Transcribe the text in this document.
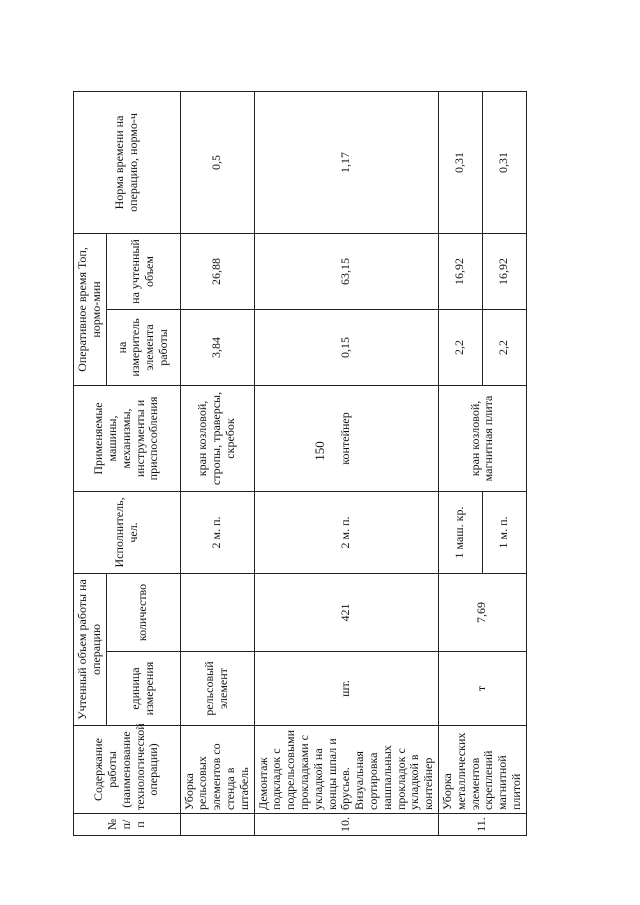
150
№ п/п	Содержание работы (наименование технологической операции)	Учтенный объем работы на операцию		Исполнитель, чел.	Применяемые машины, механизмы, инструменты и приспособления	Оперативное время Топ, нормо-мин		Норма времени на операцию, нормо-ч
		единица измерения	количество			на измеритель элемента работы	на учтенный объем	
	Уборка рельсовых элементов со стенда в штабель	рельсовый элемент		2 м. п.	кран козловой, стропы, траверсы, скребок	3,84	26,88	0,5
10.	Демонтаж подкладок с подрельсовыми прокладками с укладкой на концы шпал и брусьев. Визуальная сортировка нашпальных прокладок с укладкой в контейнер	шт.	421	2 м. п.	контейнер	0,15	63,15	1,17
11.	Уборка металлических элементов скреплений магнитной плитой	т	7,69	1 маш. кр.	кран козловой, магнитная плита	2,2	16,92	0,31
				1 м. п.		2,2	16,92	0,31
